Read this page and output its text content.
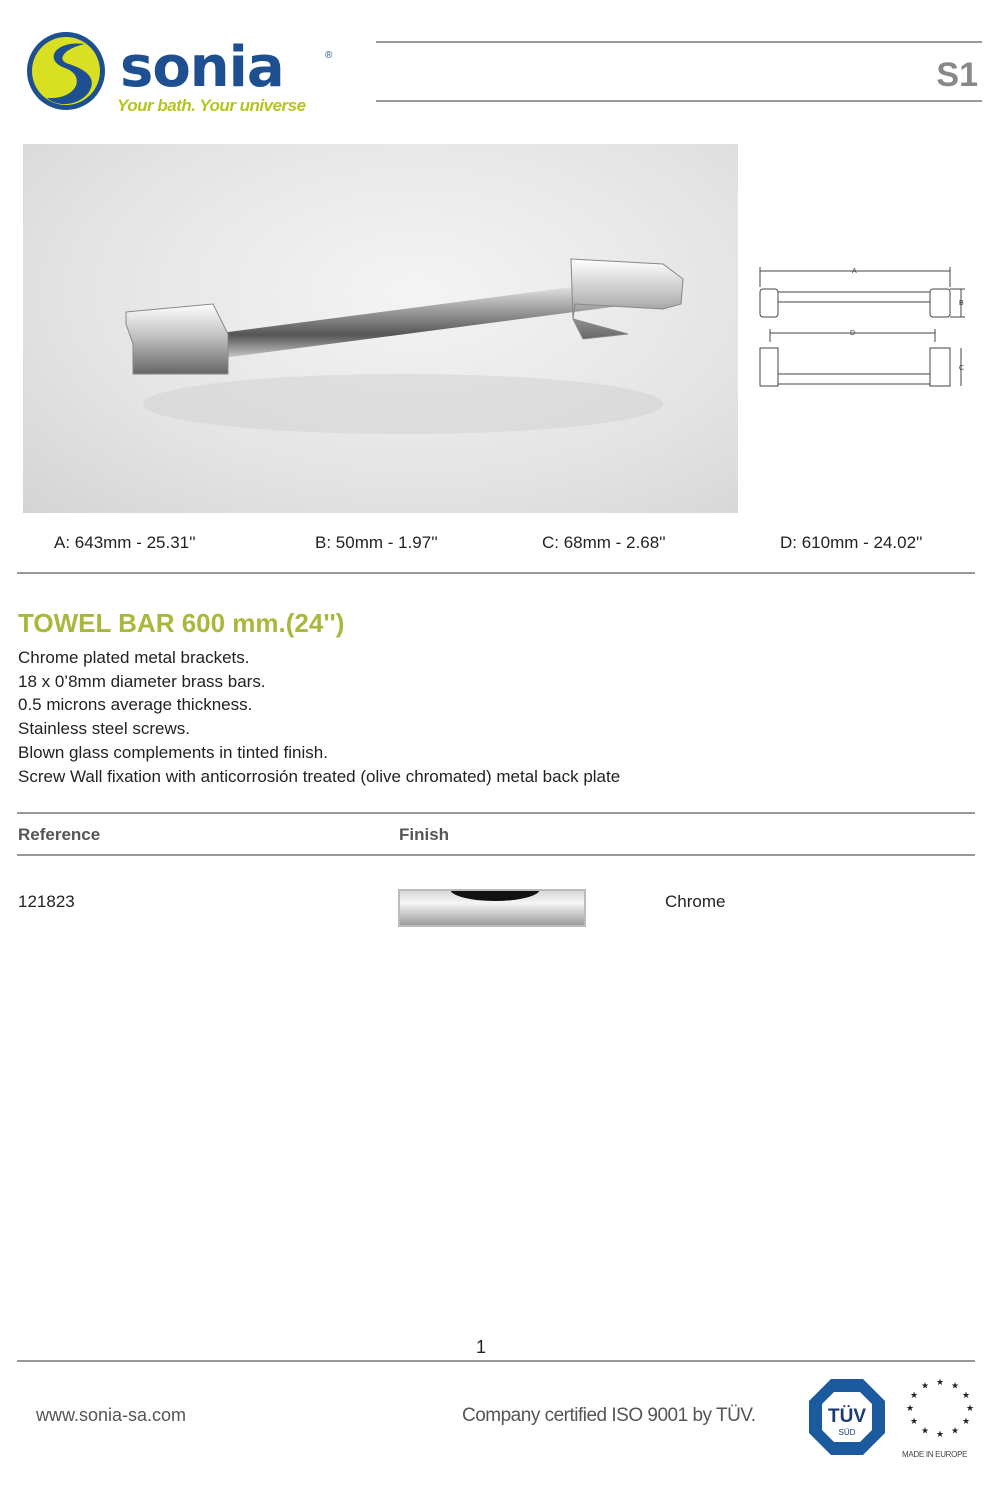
sonia	®
Your bath. Your universe
S1
A
B
D
C
A: 643mm - 25.31''	B: 50mm - 1.97''	C: 68mm - 2.68''	D: 610mm - 24.02''
TOWEL BAR 600 mm.(24'')
Chrome plated metal brackets.
18 x 0’8mm diameter brass bars.
0.5 microns average thickness.
Stainless steel screws.
Blown glass complements in tinted finish.
Screw Wall fixation with anticorrosión treated (olive chromated) metal back plate
Reference	Finish
121823	Chrome
1
www.sonia-sa.com	Company certified ISO 9001 by TÜV.	TÜV
SÜD
★ ★
★
★
★
★
★
★
★
★
★
★
MADE IN EUROPE
